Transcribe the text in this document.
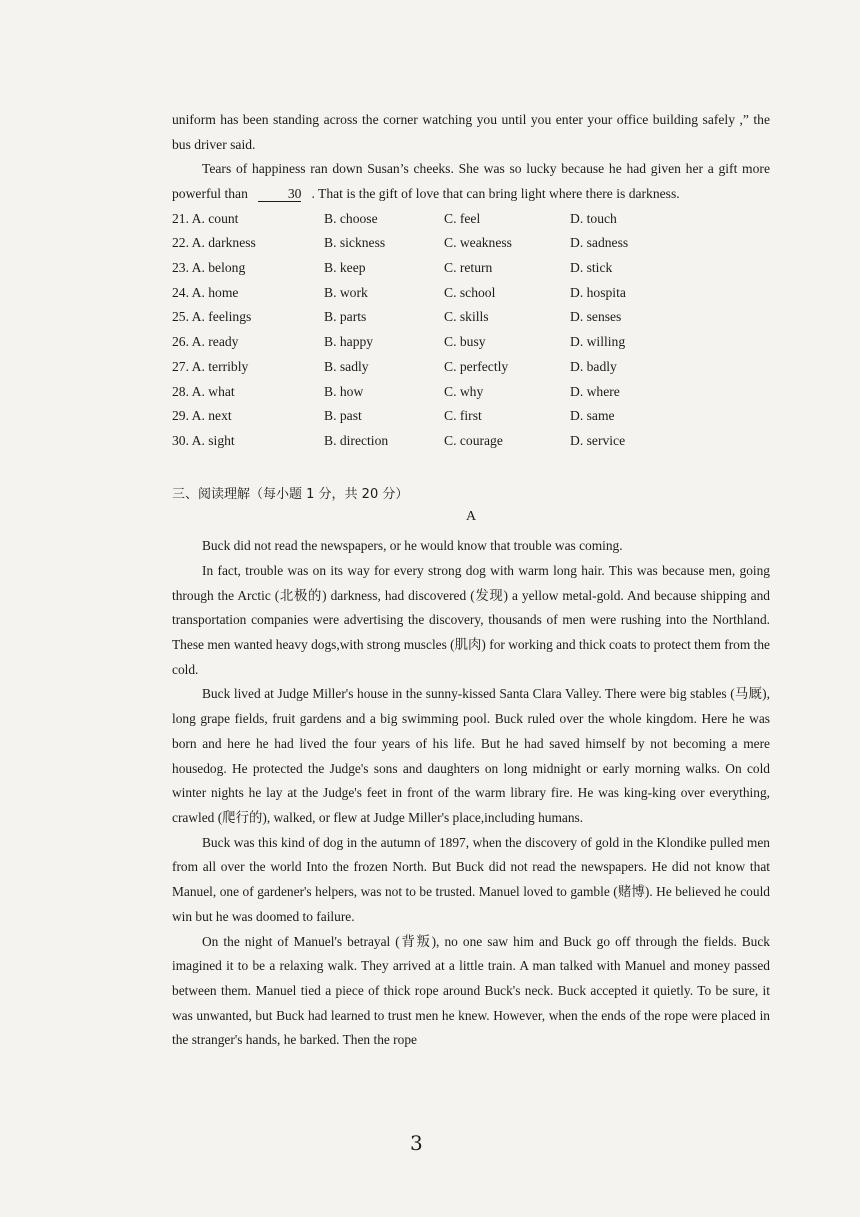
uniform has been standing across the corner watching you until you enter your office building safely ,” the bus driver said.

Tears of happiness ran down Susan’s cheeks. She was so lucky because he had given her a gift more powerful than	30 . That is the gift of love that can bring light where there is darkness.

21. A. count	B. choose	C. feel	D. touch
22. A. darkness	B. sickness	C. weakness	D. sadness
23. A. belong	B. keep	C. return	D. stick
24. A. home	B. work	C. school	D. hospita
25. A. feelings	B. parts	C. skills	D. senses
26. A. ready	B. happy	C. busy	D. willing
27. A. terribly	B. sadly	C. perfectly	D. badly
28. A. what	B. how	C. why	D. where
29. A. next	B. past	C. first	D. same
30. A. sight	B. direction	C. courage	D. service
三、阅读理解（每小题 1 分，共 20 分）
A

Buck did not read the newspapers, or he would know that trouble was coming.

In fact, trouble was on its way for every strong dog with warm long hair. This was because men, going through the Arctic (北极的) darkness, had discovered (发现) a yellow metal-gold. And because shipping and transportation companies were advertising the discovery, thousands of men were rushing into the Northland. These men wanted heavy dogs,with strong muscles (肌肉) for working and thick coats to protect them from the cold.

Buck lived at Judge Miller's house in the sunny-kissed Santa Clara Valley. There were big stables (马厩), long grape fields, fruit gardens and a big swimming pool. Buck ruled over the whole kingdom. Here he was born and here he had lived the four years of his life. But he had saved himself by not becoming a mere housedog. He protected the Judge's sons and daughters on long midnight or early morning walks. On cold winter nights he lay at the Judge's feet in front of the warm library fire. He was king-king over everything, crawled (爬行的), walked, or flew at Judge Miller's place,including humans.

Buck was this kind of dog in the autumn of 1897, when the discovery of gold in the Klondike pulled men from all over the world Into the frozen North. But Buck did not read the newspapers. He did not know that Manuel, one of gardener's helpers, was not to be trusted. Manuel loved to gamble (赌博). He believed he could win but he was doomed to failure.

On the night of Manuel's betrayal (背叛), no one saw him and Buck go off through the fields. Buck imagined it to be a relaxing walk. They arrived at a little train. A man talked with Manuel and money passed between them. Manuel tied a piece of thick rope around Buck's neck. Buck accepted it quietly. To be sure, it was unwanted, but Buck had learned to trust men he knew. However, when the ends of the rope were placed in the stranger's hands, he barked. Then the rope

3
